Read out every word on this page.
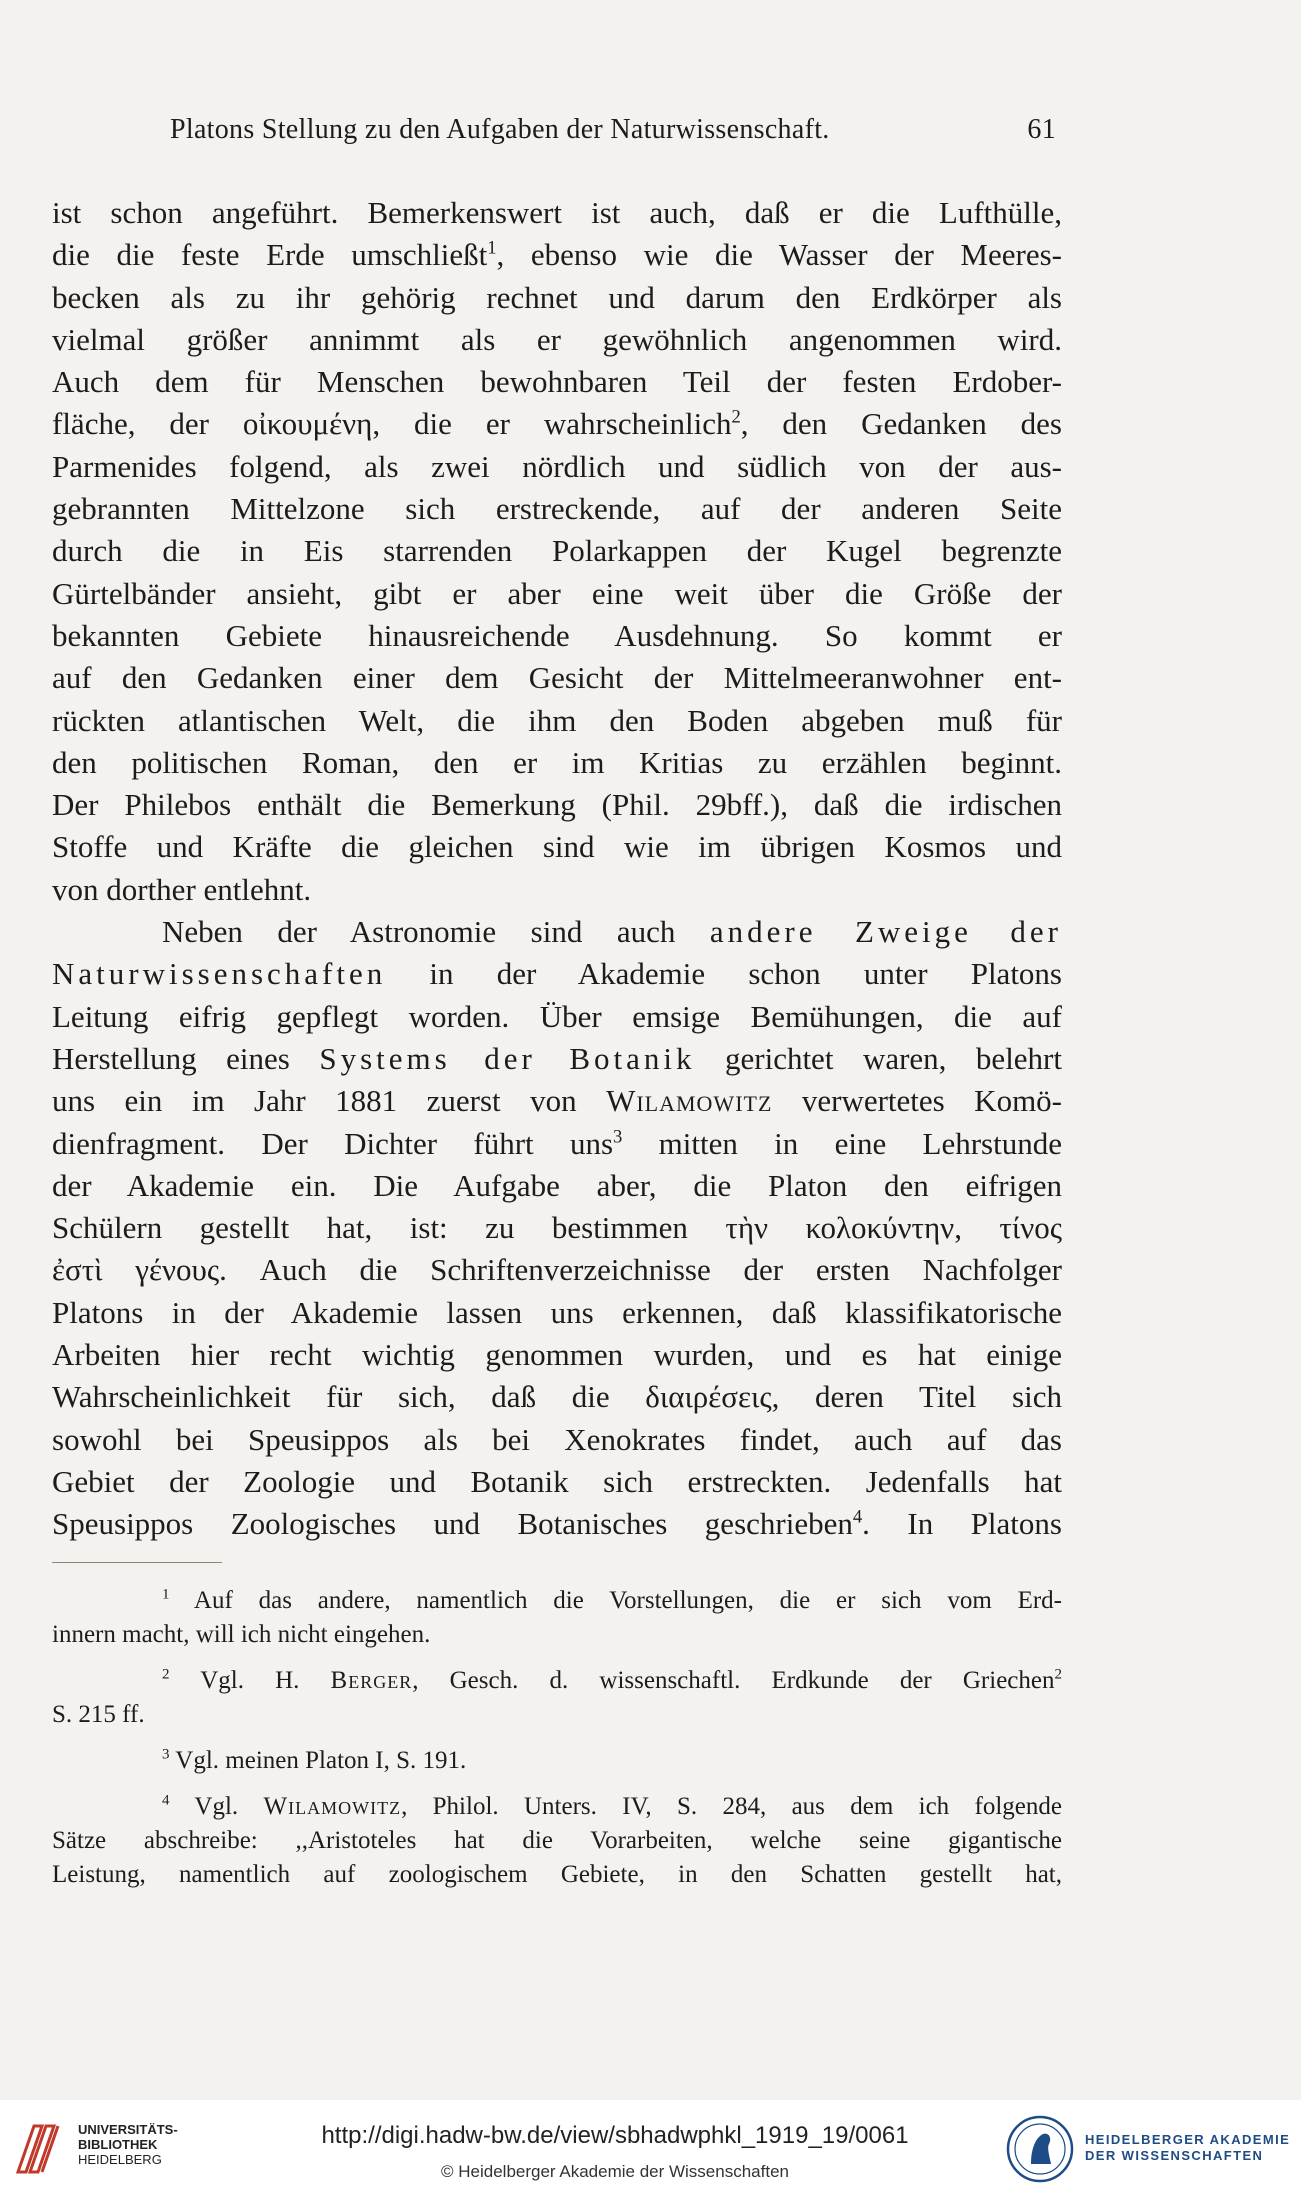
Platons Stellung zu den Aufgaben der Naturwissenschaft.	61
ist schon angeführt. Bemerkenswert ist auch, daß er die Lufthülle,
die die feste Erde umschließt$^1$, ebenso wie die Wasser der Meeres-
becken als zu ihr gehörig rechnet und darum den Erdkörper als
vielmal größer annimmt als er gewöhnlich angenommen wird.
Auch dem für Menschen bewohnbaren Teil der festen Erdober-
fläche, der οἰκουμένη, die er wahrscheinlich$^2$, den Gedanken des
Parmenides folgend, als zwei nördlich und südlich von der aus-
gebrannten Mittelzone sich erstreckende, auf der anderen Seite
durch die in Eis starrenden Polarkappen der Kugel begrenzte
Gürtelbänder ansieht, gibt er aber eine weit über die Größe der
bekannten Gebiete hinausreichende Ausdehnung. So kommt er
auf den Gedanken einer dem Gesicht der Mittelmeeranwohner ent-
rückten atlantischen Welt, die ihm den Boden abgeben muß für
den politischen Roman, den er im Kritias zu erzählen beginnt.
Der Philebos enthält die Bemerkung (Phil. 29bff.), daß die irdischen
Stoffe und Kräfte die gleichen sind wie im übrigen Kosmos und
von dorther entlehnt.
Neben der Astronomie sind auch andere Zweige der
Naturwissenschaften in der Akademie schon unter Platons
Leitung eifrig gepflegt worden. Über emsige Bemühungen, die auf
Herstellung eines Systems der Botanik gerichtet waren, belehrt
uns ein im Jahr 1881 zuerst von Wilamowitz verwertetes Komö-
dienfragment. Der Dichter führt uns$^3$ mitten in eine Lehrstunde
der Akademie ein. Die Aufgabe aber, die Platon den eifrigen
Schülern gestellt hat, ist: zu bestimmen τὴν κολοκύντην, τίνος
ἐστὶ γένους. Auch die Schriftenverzeichnisse der ersten Nachfolger
Platons in der Akademie lassen uns erkennen, daß klassifikatorische
Arbeiten hier recht wichtig genommen wurden, und es hat einige
Wahrscheinlichkeit für sich, daß die διαιρέσεις, deren Titel sich
sowohl bei Speusippos als bei Xenokrates findet, auch auf das
Gebiet der Zoologie und Botanik sich erstreckten. Jedenfalls hat
Speusippos Zoologisches und Botanisches geschrieben$^4$. In Platons
$^1$ Auf das andere, namentlich die Vorstellungen, die er sich vom Erd-
innern macht, will ich nicht eingehen.
$^2$ Vgl. H. Berger, Gesch. d. wissenschaftl. Erdkunde der Griechen$^2$
S. 215 ff.
$^3$ Vgl. meinen Platon I, S. 191.
$^4$ Vgl. Wilamowitz, Philol. Unters. IV, S. 284, aus dem ich folgende
Sätze abschreibe: ,,Aristoteles hat die Vorarbeiten, welche seine gigantische
Leistung, namentlich auf zoologischem Gebiete, in den Schatten gestellt hat,
UNIVERSITÄTS-
BIBLIOTHEK
HEIDELBERG
http://digi.hadw-bw.de/view/sbhadwphkl_1919_19/0061
© Heidelberger Akademie der Wissenschaften
HEIDELBERGER AKADEMIE
DER WISSENSCHAFTEN
